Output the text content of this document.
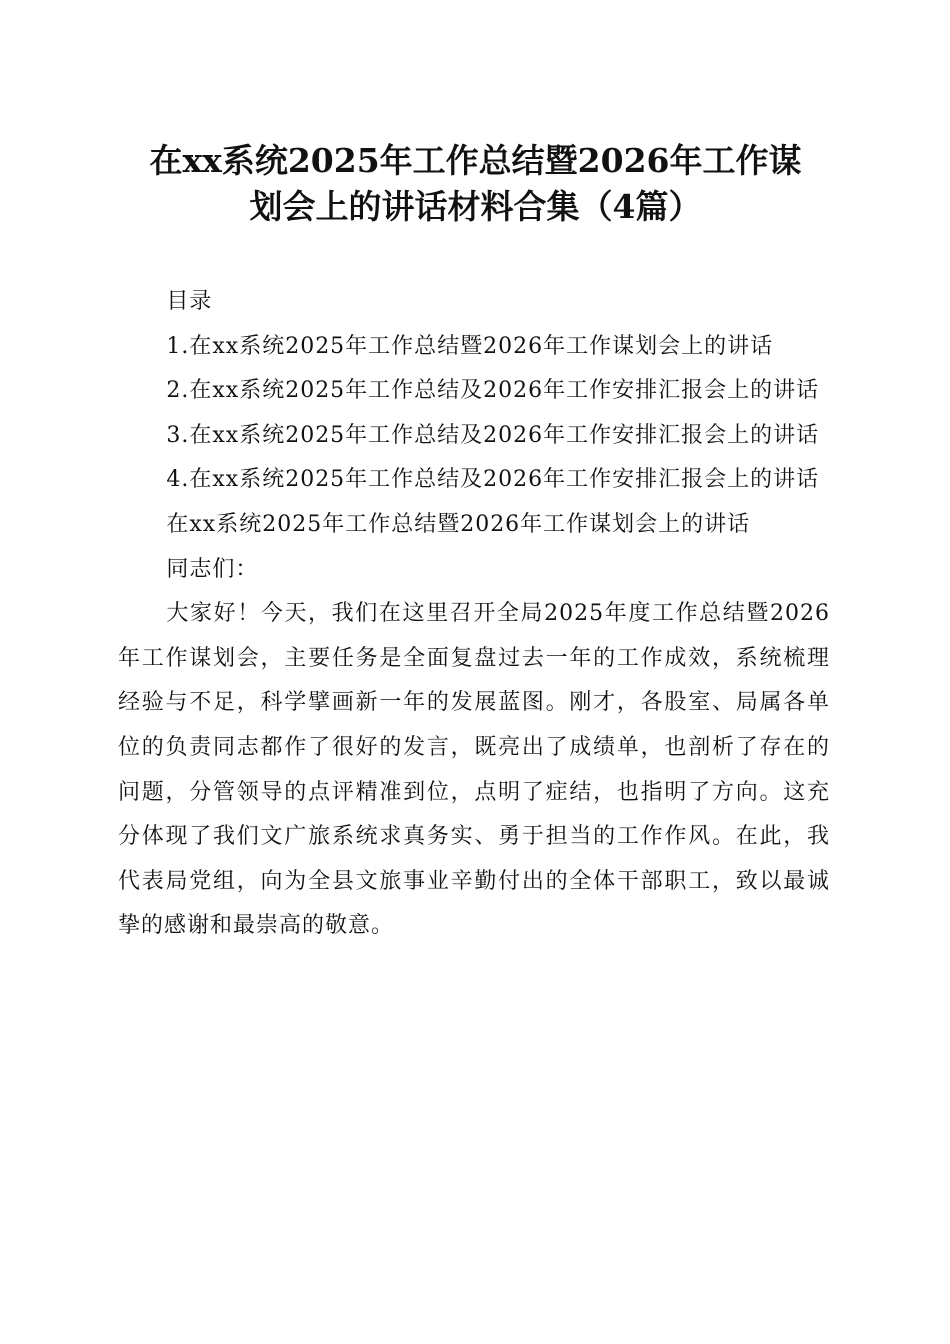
在xx系统2025年工作总结暨2026年工作谋
划会上的讲话材料合集（4篇）

目录

1.在xx系统2025年工作总结暨2026年工作谋划会上的讲话

2.在xx系统2025年工作总结及2026年工作安排汇报会上的讲话

3.在xx系统2025年工作总结及2026年工作安排汇报会上的讲话

4.在xx系统2025年工作总结及2026年工作安排汇报会上的讲话

在xx系统2025年工作总结暨2026年工作谋划会上的讲话

同志们：

大家好！今天，我们在这里召开全局2025年度工作总结暨2026年工作谋划会，主要任务是全面复盘过去一年的工作成效，系统梳理经验与不足，科学擘画新一年的发展蓝图。刚才，各股室、局属各单位的负责同志都作了很好的发言，既亮出了成绩单，也剖析了存在的问题，分管领导的点评精准到位，点明了症结，也指明了方向。这充分体现了我们文广旅系统求真务实、勇于担当的工作作风。在此，我代表局党组，向为全县文旅事业辛勤付出的全体干部职工，致以最诚挚的感谢和最崇高的敬意。
